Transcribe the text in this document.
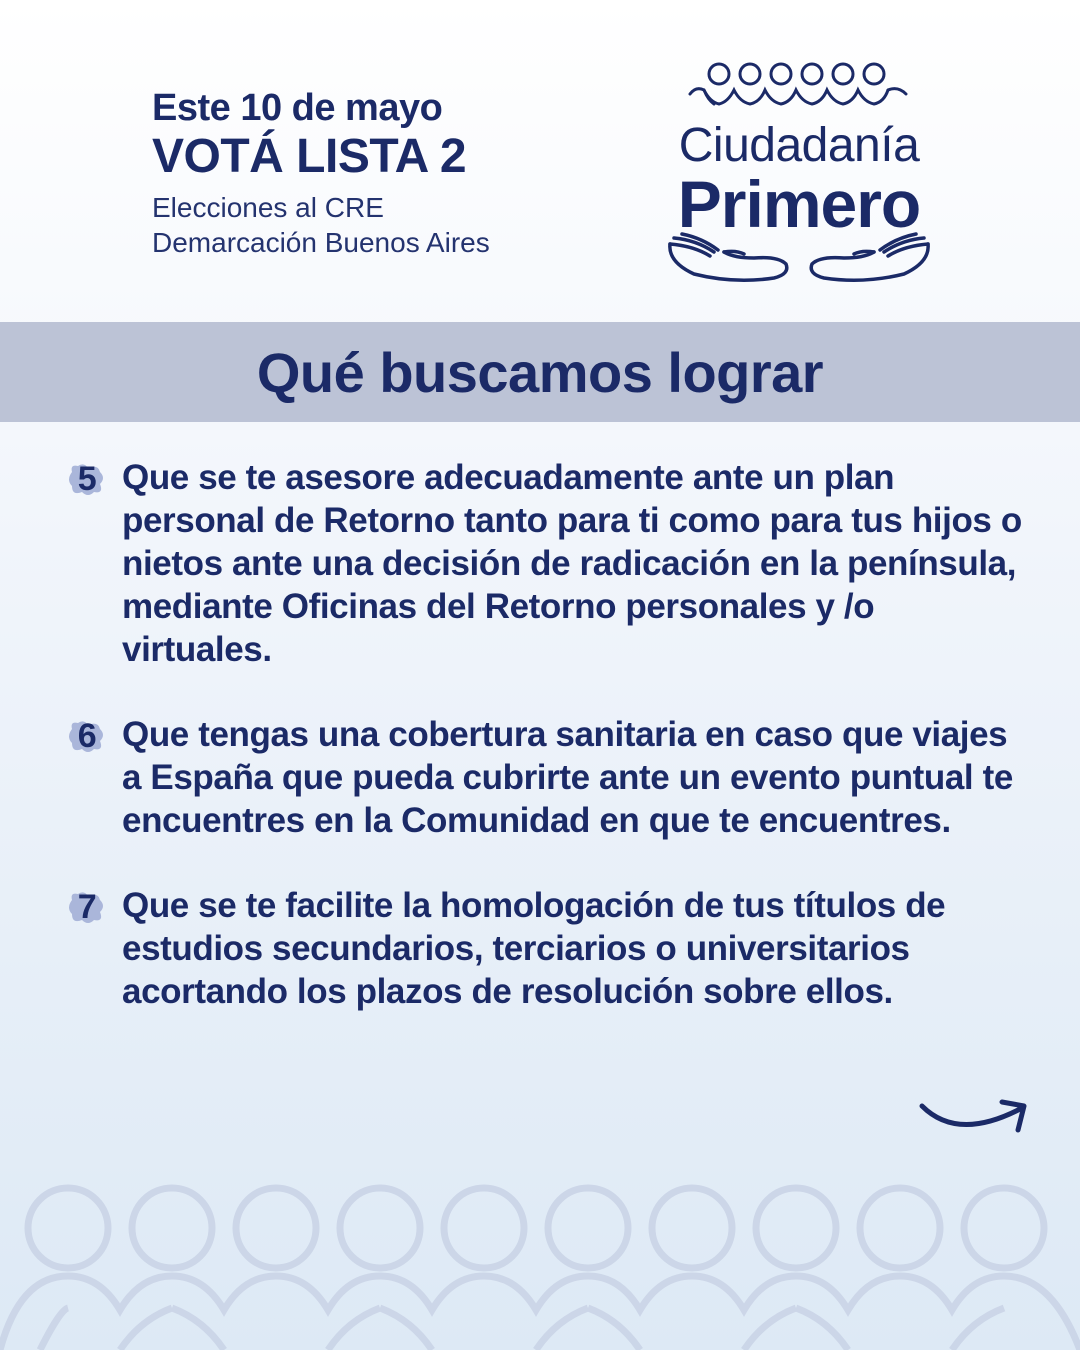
Este 10 de mayo
VOTÁ LISTA 2
Elecciones al CRE
Demarcación Buenos Aires
Ciudadanía
Primero
Qué buscamos lograr
5 Que se te asesore adecuadamente ante un plan personal de Retorno tanto para ti como para tus hijos o nietos ante una decisión de radicación en la península, mediante Oficinas del Retorno personales y /o virtuales.
6 Que tengas una cobertura sanitaria en caso que viajes a España que pueda cubrirte ante un evento puntual te encuentres en la Comunidad en que te encuentres.
7 Que se te facilite la homologación de tus títulos de estudios secundarios, terciarios o universitarios acortando los plazos de resolución sobre ellos.
